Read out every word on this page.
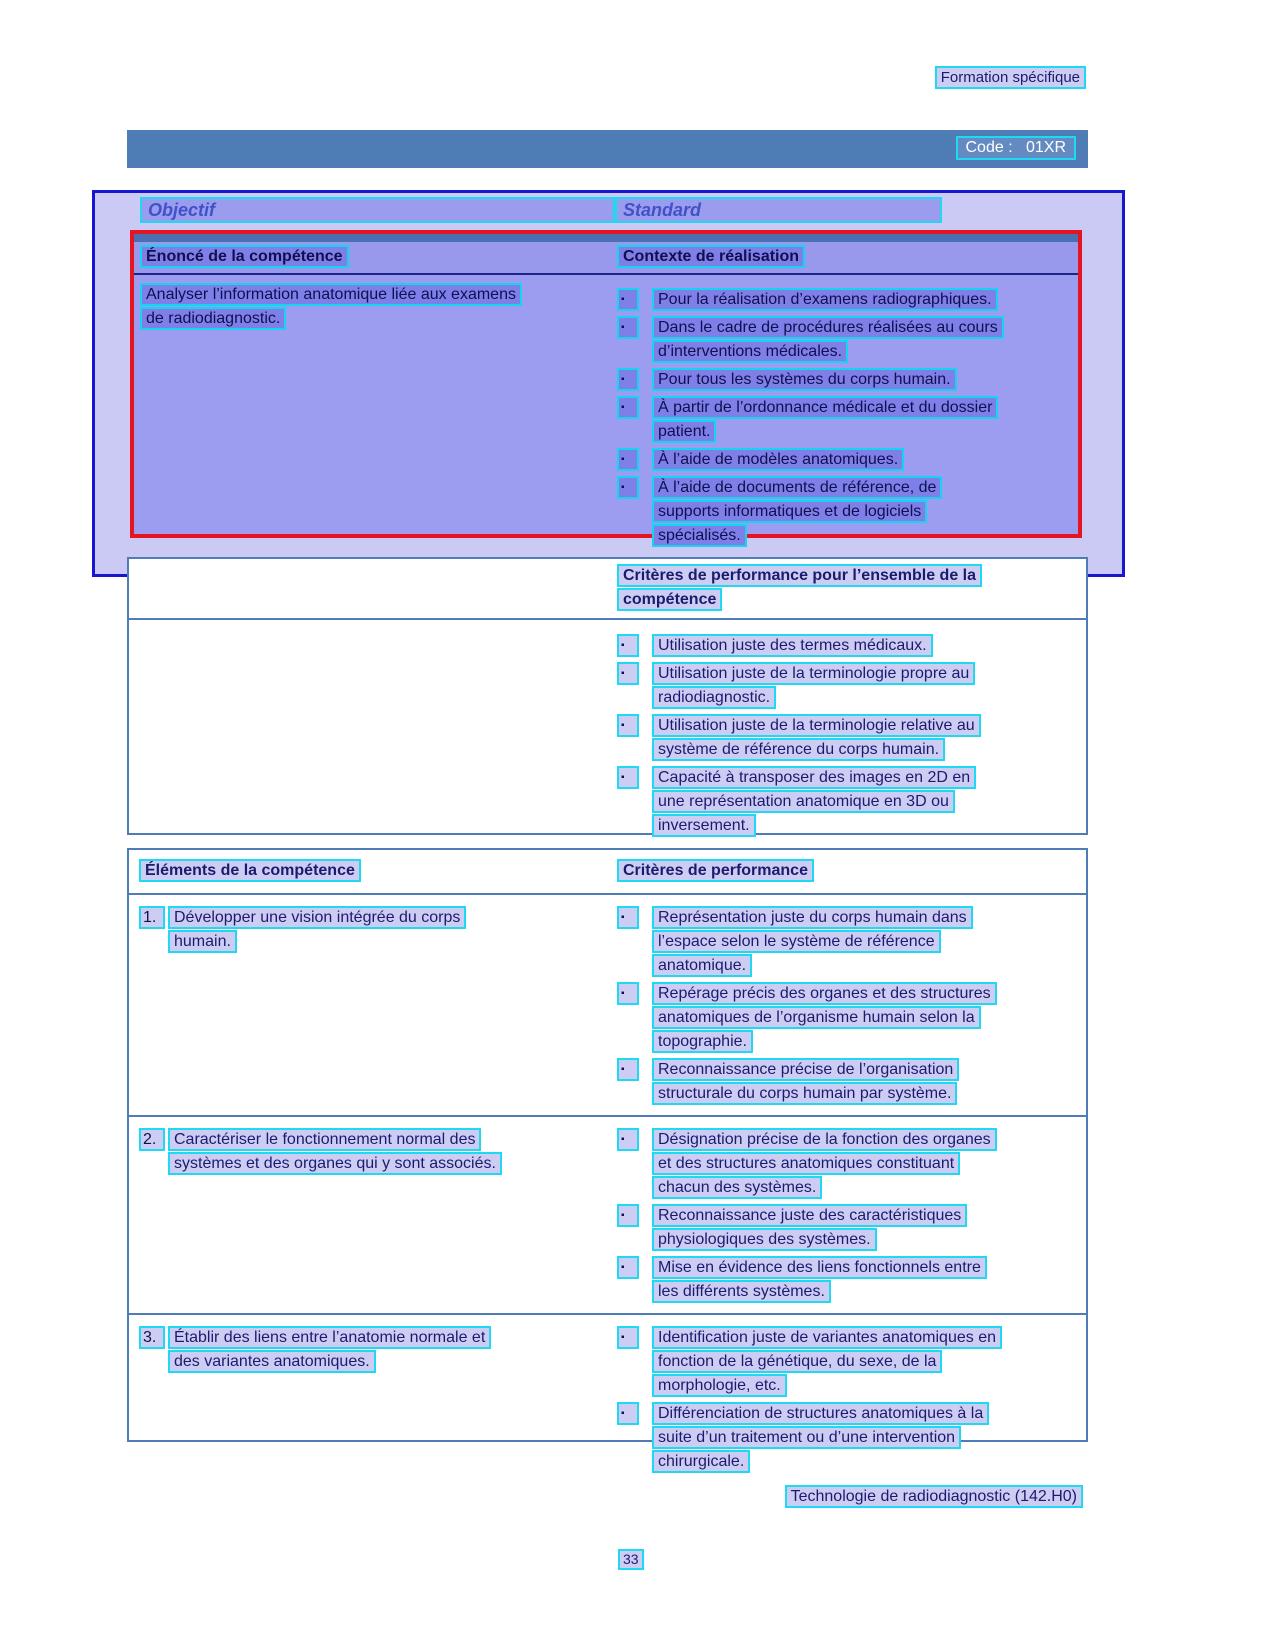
Formation spécifique
Code :   01XR
Objectif	Standard
Énoncé de la compétence	Contexte de réalisation
Analyser l’information anatomique liée aux examens
de radiodiagnostic.
▪	Pour la réalisation d’examens radiographiques.
▪	Dans le cadre de procédures réalisées au cours
d’interventions médicales.
▪	Pour tous les systèmes du corps humain.
▪	À partir de l’ordonnance médicale et du dossier
patient.
▪	À l’aide de modèles anatomiques.
▪	À l’aide de documents de référence, de
supports informatiques et de logiciels
spécialisés.
Critères de performance pour l’ensemble de la
compétence
▪	Utilisation juste des termes médicaux.
▪	Utilisation juste de la terminologie propre au
radiodiagnostic.
▪	Utilisation juste de la terminologie relative au
système de référence du corps humain.
▪	Capacité à transposer des images en 2D en
une représentation anatomique en 3D ou
inversement.
Éléments de la compétence	Critères de performance
1.	Développer une vision intégrée du corps
humain.
▪	Représentation juste du corps humain dans
l’espace selon le système de référence
anatomique.
▪	Repérage précis des organes et des structures
anatomiques de l’organisme humain selon la
topographie.
▪	Reconnaissance précise de l’organisation
structurale du corps humain par système.
2.	Caractériser le fonctionnement normal des
systèmes et des organes qui y sont associés.
▪	Désignation précise de la fonction des organes
et des structures anatomiques constituant
chacun des systèmes.
▪	Reconnaissance juste des caractéristiques
physiologiques des systèmes.
▪	Mise en évidence des liens fonctionnels entre
les différents systèmes.
3.	Établir des liens entre l’anatomie normale et
des variantes anatomiques.
▪	Identification juste de variantes anatomiques en
fonction de la génétique, du sexe, de la
morphologie, etc.
▪	Différenciation de structures anatomiques à la
suite d’un traitement ou d’une intervention
chirurgicale.
Technologie de radiodiagnostic (142.H0)
33
